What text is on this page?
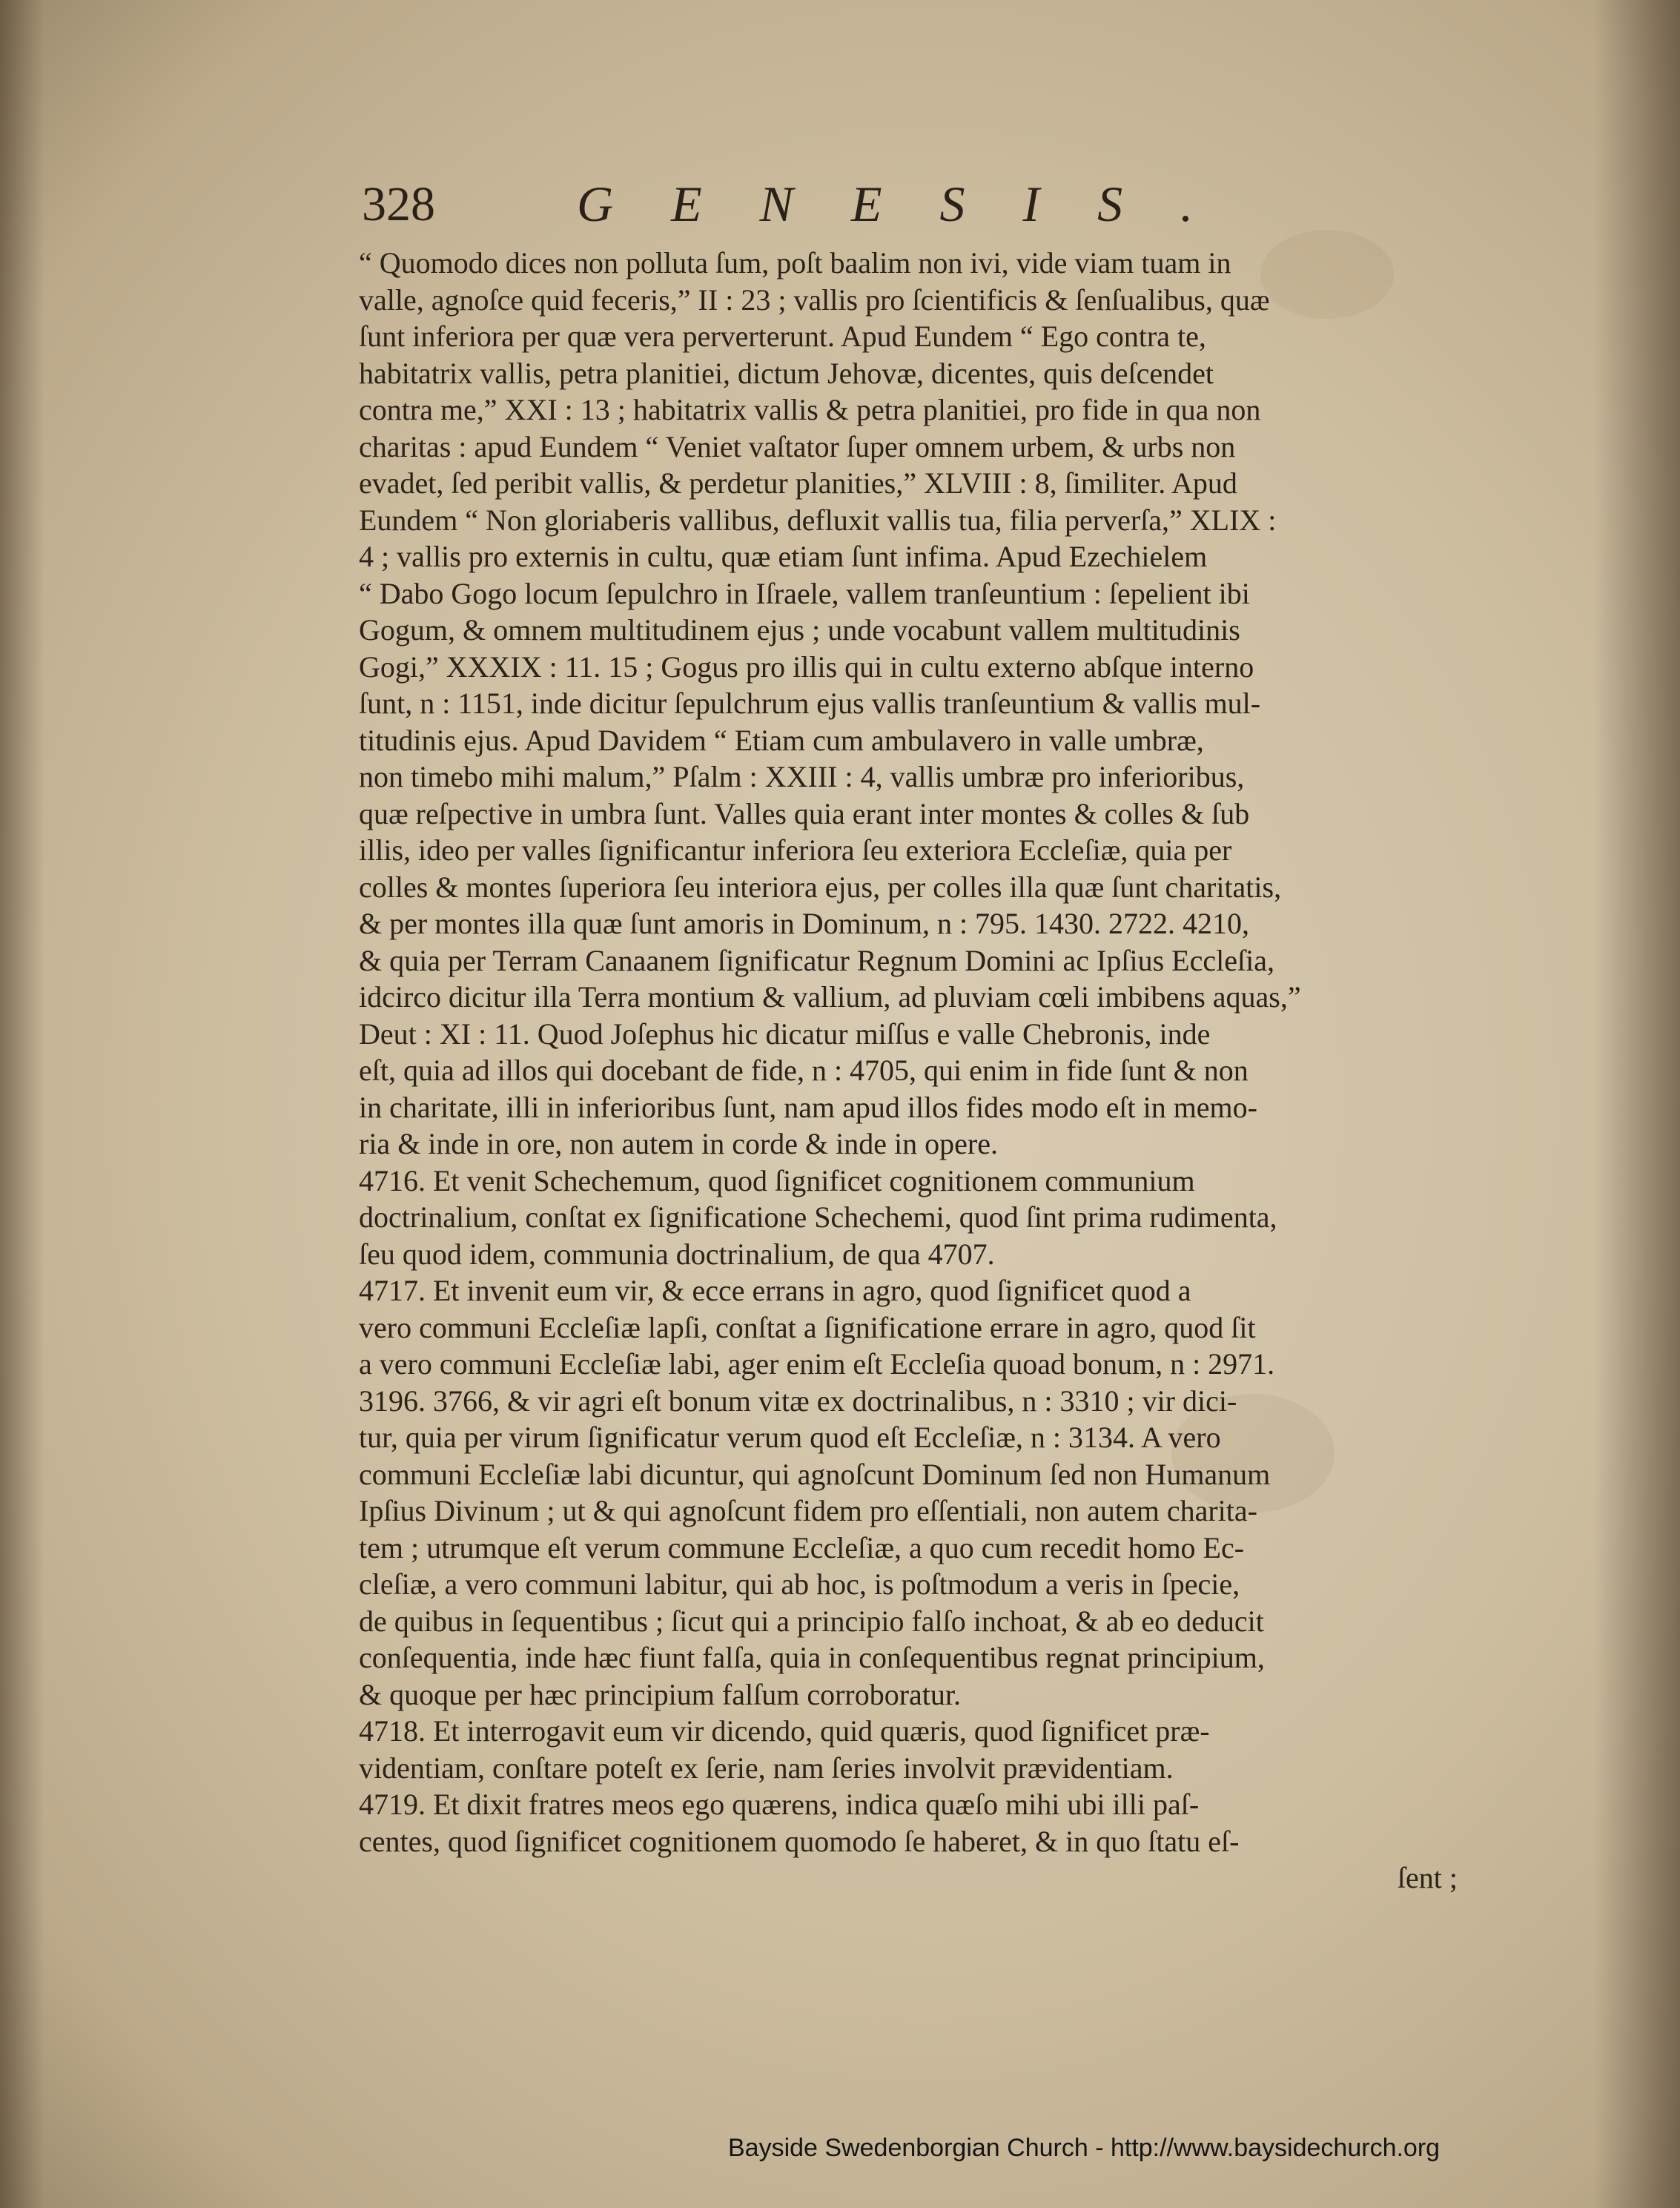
328	GENESIS.
“ Quomodo dices non polluta ſum, poſt baalim non ivi, vide viam tuam in
valle, agnoſce quid feceris,” II : 23 ; vallis pro ſcientificis & ſenſualibus, quæ
ſunt inferiora per quæ vera perverterunt. Apud Eundem “ Ego contra te,
habitatrix vallis, petra planitiei, dictum Jehovæ, dicentes, quis deſcendet
contra me,” XXI : 13 ; habitatrix vallis & petra planitiei, pro fide in qua non
charitas : apud Eundem “ Veniet vaſtator ſuper omnem urbem, & urbs non
evadet, ſed peribit vallis, & perdetur planities,” XLVIII : 8, ſimiliter. Apud
Eundem “ Non gloriaberis vallibus, defluxit vallis tua, filia perverſa,” XLIX :
4 ; vallis pro externis in cultu, quæ etiam ſunt infima. Apud Ezechielem
“ Dabo Gogo locum ſepulchro in Iſraele, vallem tranſeuntium : ſepelient ibi
Gogum, & omnem multitudinem ejus ; unde vocabunt vallem multitudinis
Gogi,” XXXIX : 11. 15 ; Gogus pro illis qui in cultu externo abſque interno
ſunt, n : 1151, inde dicitur ſepulchrum ejus vallis tranſeuntium & vallis mul-
titudinis ejus. Apud Davidem “ Etiam cum ambulavero in valle umbræ,
non timebo mihi malum,” Pſalm : XXIII : 4, vallis umbræ pro inferioribus,
quæ reſpective in umbra ſunt. Valles quia erant inter montes & colles & ſub
illis, ideo per valles ſignificantur inferiora ſeu exteriora Eccleſiæ, quia per
colles & montes ſuperiora ſeu interiora ejus, per colles illa quæ ſunt charitatis,
& per montes illa quæ ſunt amoris in Dominum, n : 795. 1430. 2722. 4210,
& quia per Terram Canaanem ſignificatur Regnum Domini ac Ipſius Eccleſia,
idcirco dicitur illa Terra montium & vallium, ad pluviam cœli imbibens aquas,”
Deut : XI : 11. Quod Joſephus hic dicatur miſſus e valle Chebronis, inde
eſt, quia ad illos qui docebant de fide, n : 4705, qui enim in fide ſunt & non
in charitate, illi in inferioribus ſunt, nam apud illos fides modo eſt in memo-
ria & inde in ore, non autem in corde & inde in opere.
4716. Et venit Schechemum, quod ſignificet cognitionem communium
doctrinalium, conſtat ex ſignificatione Schechemi, quod ſint prima rudimenta,
ſeu quod idem, communia doctrinalium, de qua 4707.
4717. Et invenit eum vir, & ecce errans in agro, quod ſignificet quod a
vero communi Eccleſiæ lapſi, conſtat a ſignificatione errare in agro, quod ſit
a vero communi Eccleſiæ labi, ager enim eſt Eccleſia quoad bonum, n : 2971.
3196. 3766, & vir agri eſt bonum vitæ ex doctrinalibus, n : 3310 ; vir dici-
tur, quia per virum ſignificatur verum quod eſt Eccleſiæ, n : 3134. A vero
communi Eccleſiæ labi dicuntur, qui agnoſcunt Dominum ſed non Humanum
Ipſius Divinum ; ut & qui agnoſcunt fidem pro eſſentiali, non autem charita-
tem ; utrumque eſt verum commune Eccleſiæ, a quo cum recedit homo Ec-
cleſiæ, a vero communi labitur, qui ab hoc, is poſtmodum a veris in ſpecie,
de quibus in ſequentibus ; ſicut qui a principio falſo inchoat, & ab eo deducit
conſequentia, inde hæc fiunt falſa, quia in conſequentibus regnat principium,
& quoque per hæc principium falſum corroboratur.
4718. Et interrogavit eum vir dicendo, quid quæris, quod ſignificet præ-
videntiam, conſtare poteſt ex ſerie, nam ſeries involvit prævidentiam.
4719. Et dixit fratres meos ego quærens, indica quæſo mihi ubi illi paſ-
centes, quod ſignificet cognitionem quomodo ſe haberet, & in quo ſtatu eſ-
ſent ;
Bayside Swedenborgian Church - http://www.baysidechurch.org
